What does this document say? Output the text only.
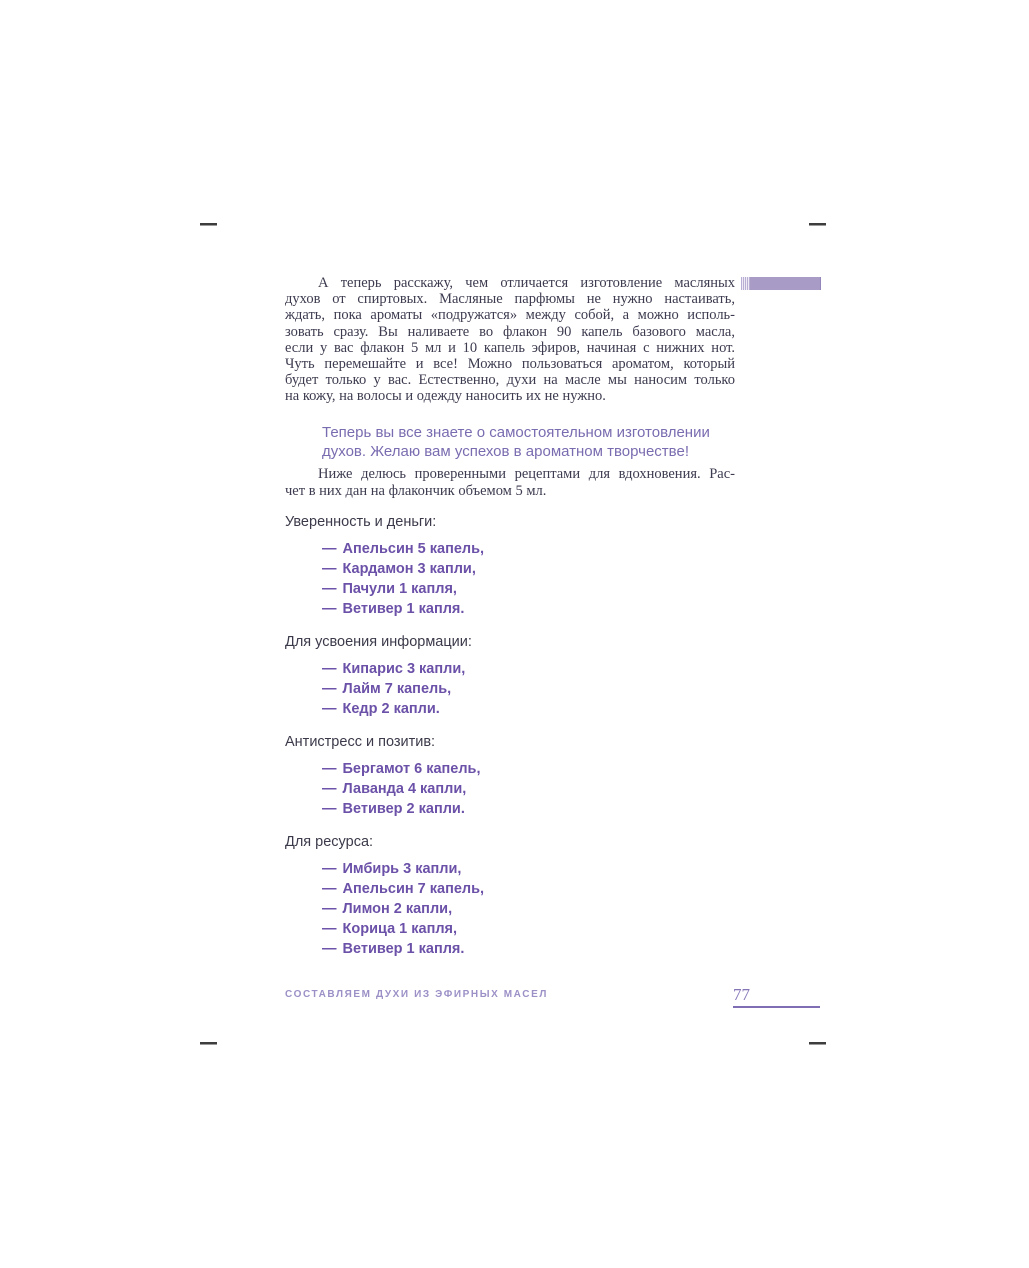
А теперь расскажу, чем отличается изготовление масляных
духов от спиртовых. Масляные парфюмы не нужно настаивать,
ждать, пока ароматы «подружатся» между собой, а можно исполь-
зовать сразу. Вы наливаете во флакон 90 капель базового масла,
если у вас флакон 5 мл и 10 капель эфиров, начиная с нижних нот.
Чуть перемешайте и все! Можно пользоваться ароматом, который
будет только у вас. Естественно, духи на масле мы наносим только
на кожу, на волосы и одежду наносить их не нужно.
Теперь вы все знаете о самостоятельном изготовлении
духов. Желаю вам успехов в ароматном творчестве!
Ниже делюсь проверенными рецептами для вдохновения. Рас-
чет в них дан на флакончик объемом 5 мл.
Уверенность и деньги:
— Апельсин 5 капель,
— Кардамон 3 капли,
— Пачули 1 капля,
— Ветивер 1 капля.
Для усвоения информации:
— Кипарис 3 капли,
— Лайм 7 капель,
— Кедр 2 капли.
Антистресс и позитив:
— Бергамот 6 капель,
— Лаванда 4 капли,
— Ветивер 2 капли.
Для ресурса:
— Имбирь 3 капли,
— Апельсин 7 капель,
— Лимон 2 капли,
— Корица 1 капля,
— Ветивер 1 капля.
СОСТАВЛЯЕМ ДУХИ ИЗ ЭФИРНЫХ МАСЕЛ	77
